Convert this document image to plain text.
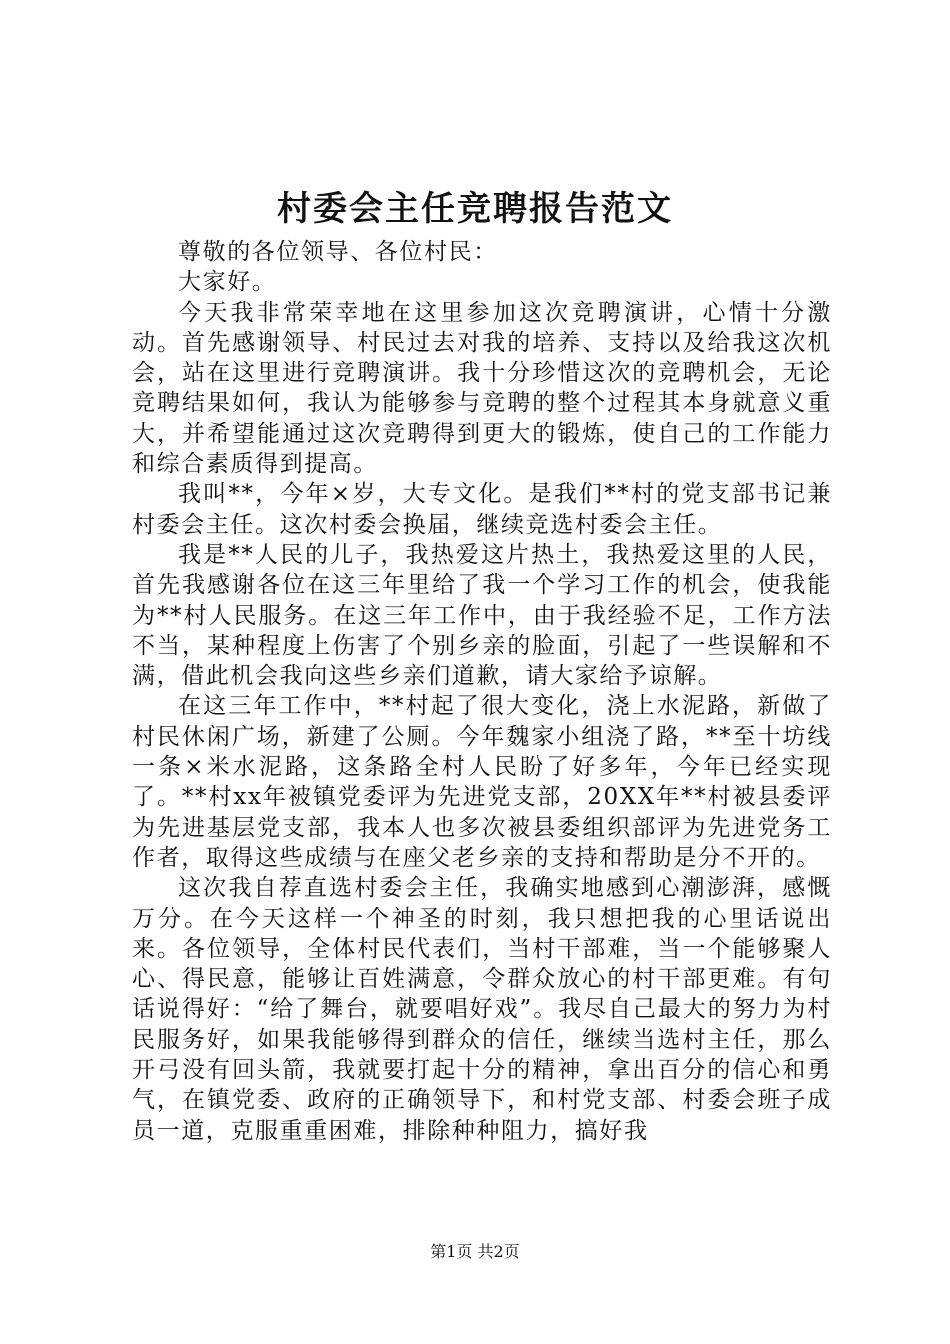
村委会主任竞聘报告范文

尊敬的各位领导、各位村民：

大家好。

今天我非常荣幸地在这里参加这次竞聘演讲，心情十分激动。首先感谢领导、村民过去对我的培养、支持以及给我这次机会，站在这里进行竞聘演讲。我十分珍惜这次的竞聘机会，无论竞聘结果如何，我认为能够参与竞聘的整个过程其本身就意义重大，并希望能通过这次竞聘得到更大的锻炼，使自己的工作能力和综合素质得到提高。

我叫**，今年×岁，大专文化。是我们**村的党支部书记兼村委会主任。这次村委会换届，继续竞选村委会主任。

我是**人民的儿子，我热爱这片热土，我热爱这里的人民，首先我感谢各位在这三年里给了我一个学习工作的机会，使我能为**村人民服务。在这三年工作中，由于我经验不足，工作方法不当，某种程度上伤害了个别乡亲的脸面，引起了一些误解和不满，借此机会我向这些乡亲们道歉，请大家给予谅解。

在这三年工作中，**村起了很大变化，浇上水泥路，新做了村民休闲广场，新建了公厕。今年魏家小组浇了路，**至十坊线一条×米水泥路，这条路全村人民盼了好多年，今年已经实现了。**村xx年被镇党委评为先进党支部，20XX年**村被县委评为先进基层党支部，我本人也多次被县委组织部评为先进党务工作者，取得这些成绩与在座父老乡亲的支持和帮助是分不开的。

这次我自荐直选村委会主任，我确实地感到心潮澎湃，感慨万分。在今天这样一个神圣的时刻，我只想把我的心里话说出来。各位领导，全体村民代表们，当村干部难，当一个能够聚人心、得民意，能够让百姓满意，令群众放心的村干部更难。有句话说得好：“给了舞台，就要唱好戏”。我尽自己最大的努力为村民服务好，如果我能够得到群众的信任，继续当选村主任，那么开弓没有回头箭，我就要打起十分的精神，拿出百分的信心和勇气，在镇党委、政府的正确领导下，和村党支部、村委会班子成员一道，克服重重困难，排除种种阻力，搞好我

第1页 共2页
